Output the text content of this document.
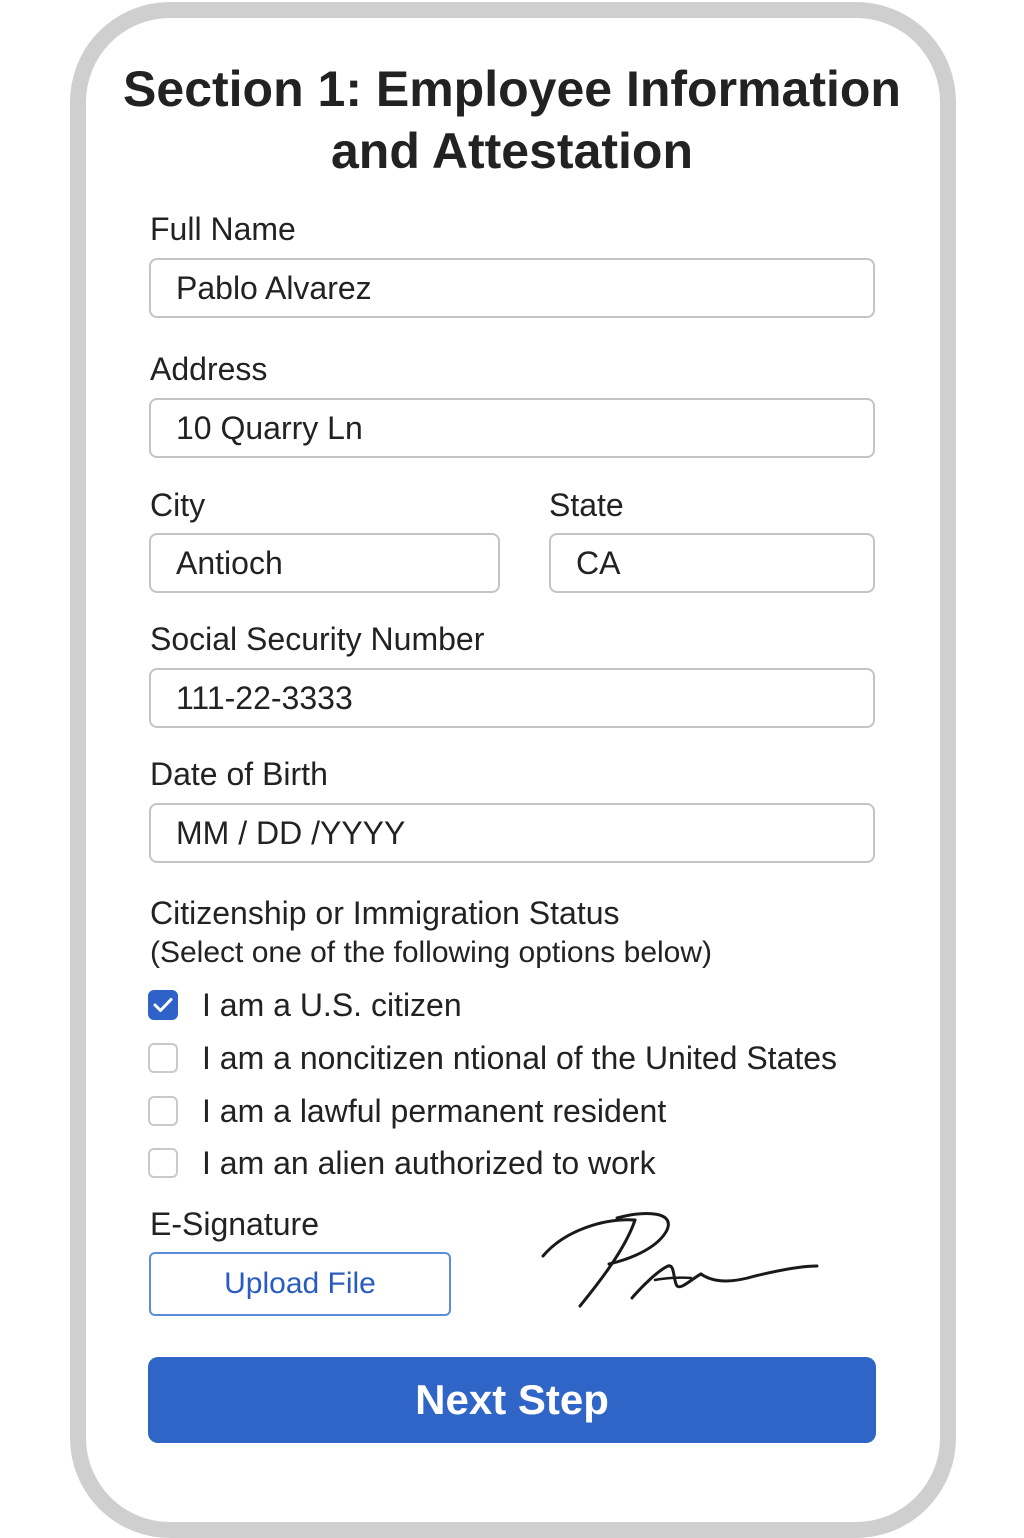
Section 1: Employee Information and Attestation
Full Name
Pablo Alvarez
Address
10 Quarry Ln
City
Antioch	State
CA
Social Security Number
111-22-3333
Date of Birth
MM / DD /YYYY
Citizenship or Immigration Status
(Select one of the following options below)
I am a U.S. citizen
I am a noncitizen ntional of the United States
I am a lawful permanent resident
I am an alien authorized to work
E-Signature
Upload File
Next Step
